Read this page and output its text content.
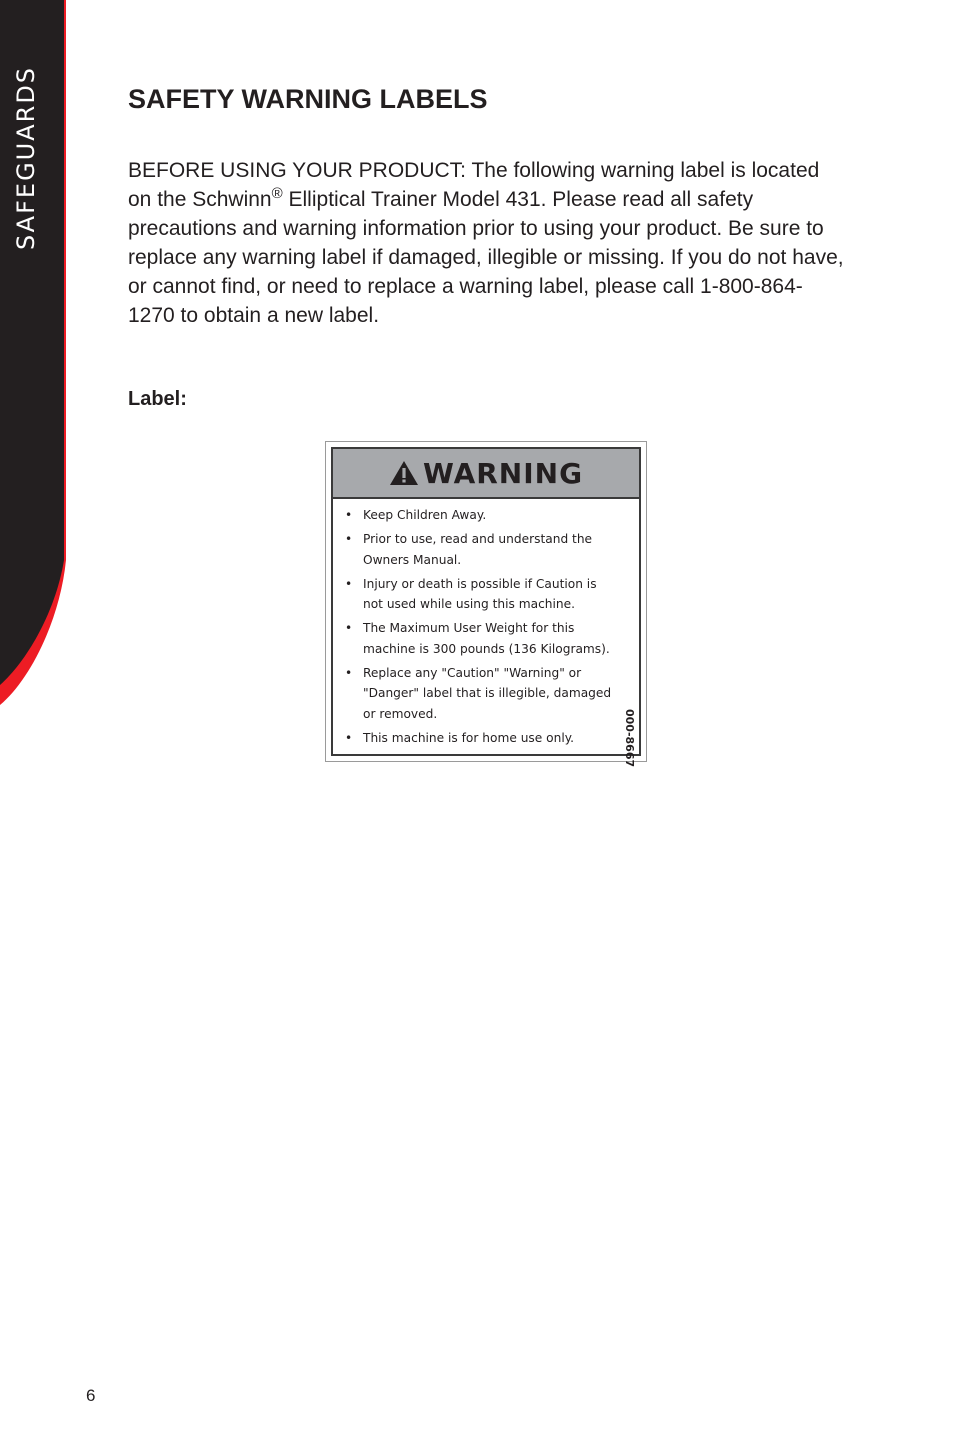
SAFEGUARDS	SAFETY WARNING LABELS

BEFORE USING YOUR PRODUCT: The following warning label is located on the Schwinn® Elliptical Trainer Model 431. Please read all safety precautions and warning information prior to using your product. Be sure to replace any warning label if damaged, illegible or missing. If you do not have, or cannot find, or need to replace a warning label, please call 1-800-864-1270 to obtain a new label.

Label:

WARNING
• Keep Children Away.
• Prior to use, read and understand the Owners Manual.
• Injury or death is possible if Caution is not used while using this machine.
• The Maximum User Weight for this machine is 300 pounds (136 Kilograms).
• Replace any "Caution" "Warning" or "Danger" label that is illegible, damaged or removed.
• This machine is for home use only.	000-8667

6
